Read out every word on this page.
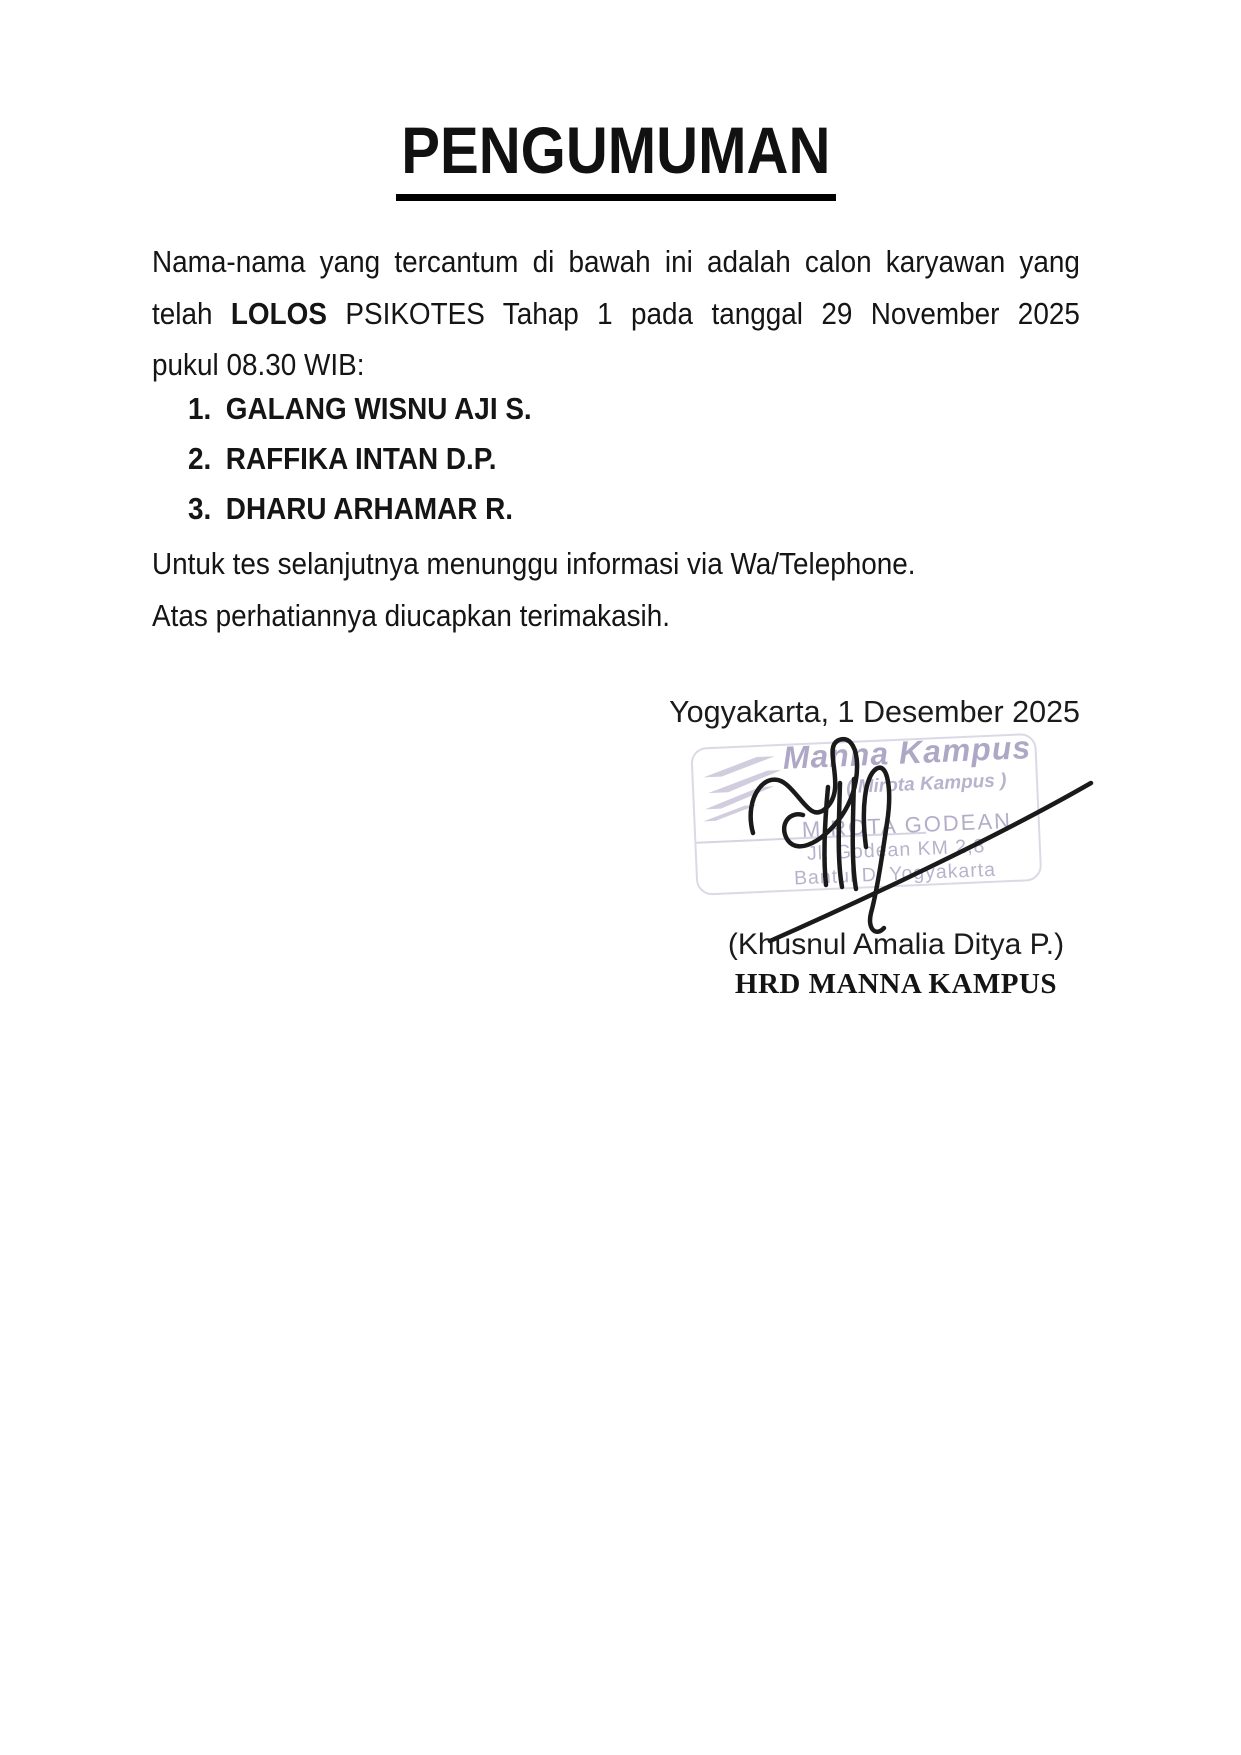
PENGUMUMAN
Nama-nama yang tercantum di bawah ini adalah calon karyawan yang
telah LOLOS PSIKOTES Tahap 1 pada tanggal 29 November 2025
pukul 08.30 WIB:
1. GALANG WISNU AJI S.
2. RAFFIKA INTAN D.P.
3. DHARU ARHAMAR R.
Untuk tes selanjutnya menunggu informasi via Wa/Telephone.
Atas perhatiannya diucapkan terimakasih.
Yogyakarta, 1 Desember 2025
Manna Kampus
( Mirota Kampus )
MIROTA GODEAN
Jl. Godean KM 2,8
Bantul DI Yogyakarta
(Khusnul Amalia Ditya P.)
HRD MANNA KAMPUS
